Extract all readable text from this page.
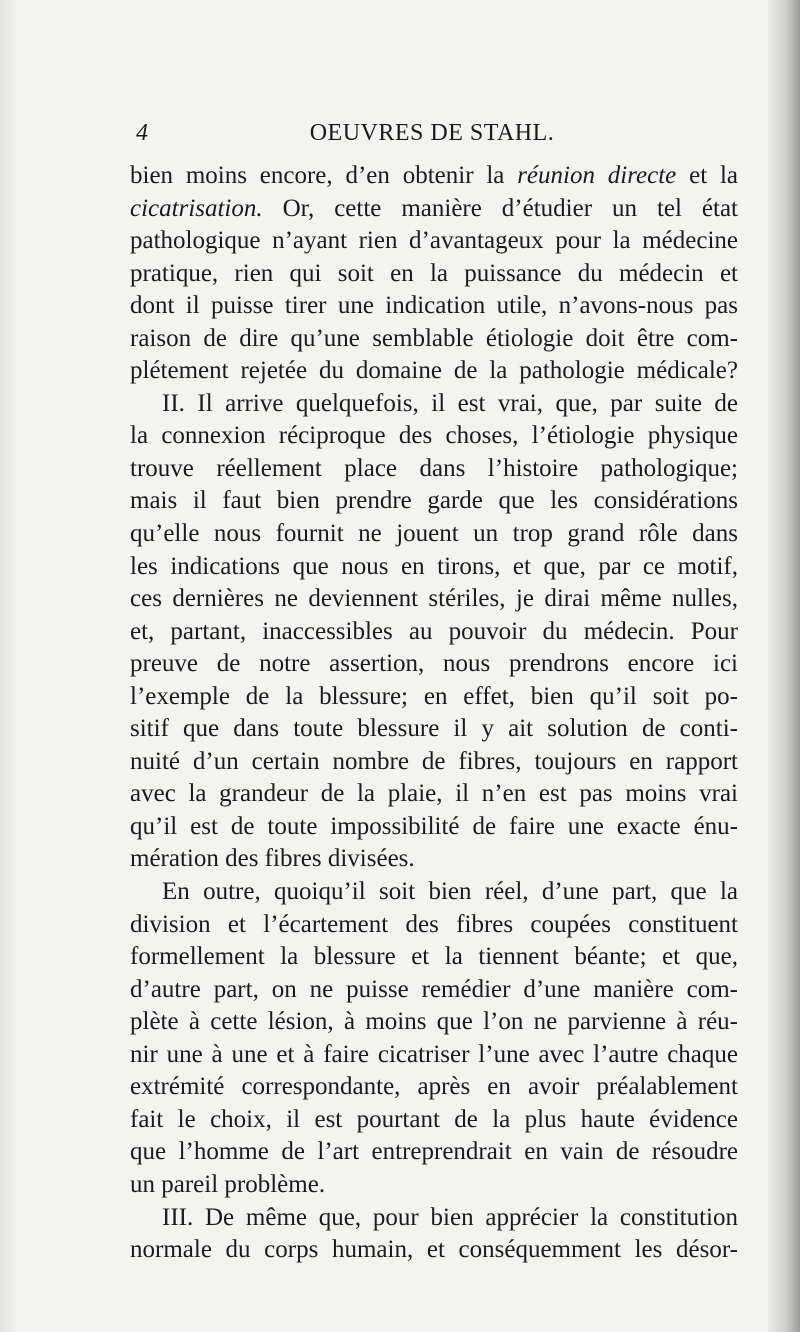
4	OEUVRES DE STAHL.
bien moins encore, d’en obtenir la réunion directe et la
cicatrisation. Or, cette manière d’étudier un tel état
pathologique n’ayant rien d’avantageux pour la médecine
pratique, rien qui soit en la puissance du médecin et
dont il puisse tirer une indication utile, n’avons-nous pas
raison de dire qu’une semblable étiologie doit être com-
plétement rejetée du domaine de la pathologie médicale?
II. Il arrive quelquefois, il est vrai, que, par suite de
la connexion réciproque des choses, l’étiologie physique
trouve réellement place dans l’histoire pathologique;
mais il faut bien prendre garde que les considérations
qu’elle nous fournit ne jouent un trop grand rôle dans
les indications que nous en tirons, et que, par ce motif,
ces dernières ne deviennent stériles, je dirai même nulles,
et, partant, inaccessibles au pouvoir du médecin. Pour
preuve de notre assertion, nous prendrons encore ici
l’exemple de la blessure; en effet, bien qu’il soit po-
sitif que dans toute blessure il y ait solution de conti-
nuité d’un certain nombre de fibres, toujours en rapport
avec la grandeur de la plaie, il n’en est pas moins vrai
qu’il est de toute impossibilité de faire une exacte énu-
mération des fibres divisées.
En outre, quoiqu’il soit bien réel, d’une part, que la
division et l’écartement des fibres coupées constituent
formellement la blessure et la tiennent béante; et que,
d’autre part, on ne puisse remédier d’une manière com-
plète à cette lésion, à moins que l’on ne parvienne à réu-
nir une à une et à faire cicatriser l’une avec l’autre chaque
extrémité correspondante, après en avoir préalablement
fait le choix, il est pourtant de la plus haute évidence
que l’homme de l’art entreprendrait en vain de résoudre
un pareil problème.
III. De même que, pour bien apprécier la constitution
normale du corps humain, et conséquemment les désor-
